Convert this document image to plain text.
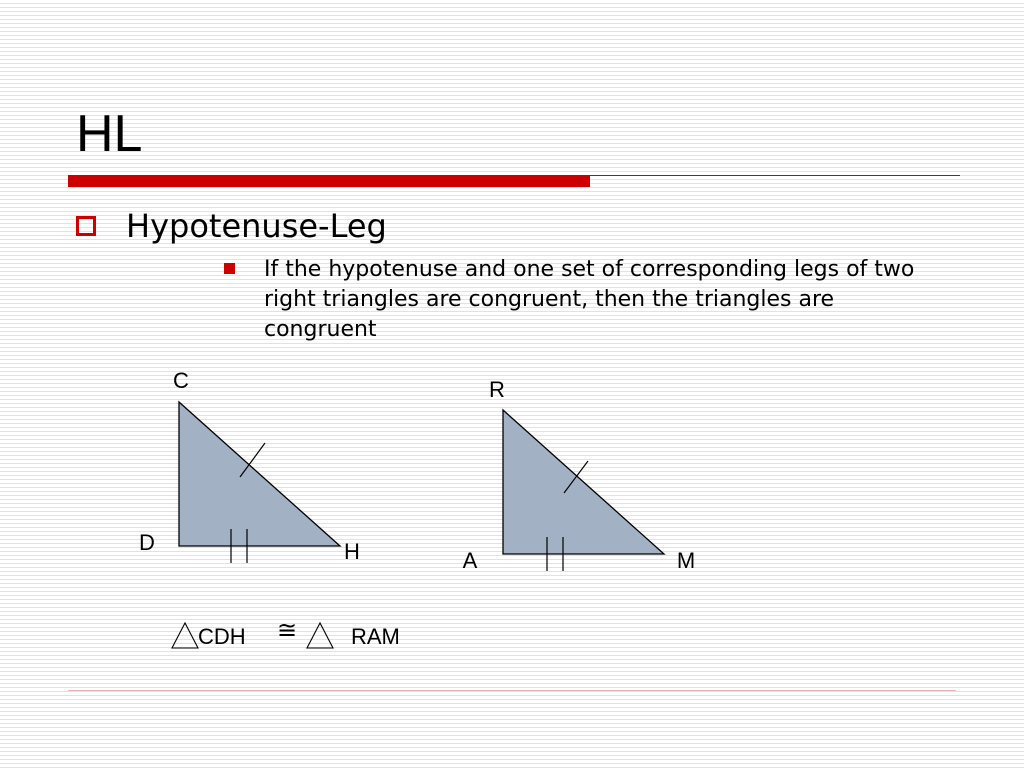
HL
Hypotenuse-Leg
If the hypotenuse and one set of corresponding legs of two right triangles are congruent, then the triangles are congruent
C
D	H
R
A	M
CDH ≅ RAM
